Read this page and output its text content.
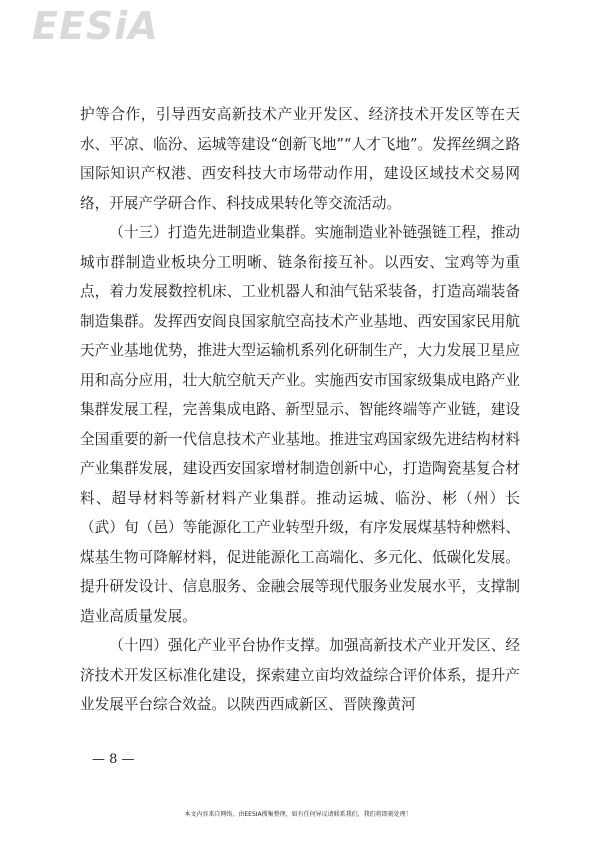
EESiA

护等合作，引导西安高新技术产业开发区、经济技术开发区等在天水、平凉、临汾、运城等建设“创新飞地”“人才飞地”。发挥丝绸之路国际知识产权港、西安科技大市场带动作用，建设区域技术交易网络，开展产学研合作、科技成果转化等交流活动。

（十三）打造先进制造业集群。实施制造业补链强链工程，推动城市群制造业板块分工明晰、链条衔接互补。以西安、宝鸡等为重点，着力发展数控机床、工业机器人和油气钻采装备，打造高端装备制造集群。发挥西安阎良国家航空高技术产业基地、西安国家民用航天产业基地优势，推进大型运输机系列化研制生产，大力发展卫星应用和高分应用，壮大航空航天产业。实施西安市国家级集成电路产业集群发展工程，完善集成电路、新型显示、智能终端等产业链，建设全国重要的新一代信息技术产业基地。推进宝鸡国家级先进结构材料产业集群发展，建设西安国家增材制造创新中心，打造陶瓷基复合材料、超导材料等新材料产业集群。推动运城、临汾、彬（州）长（武）旬（邑）等能源化工产业转型升级，有序发展煤基特种燃料、煤基生物可降解材料，促进能源化工高端化、多元化、低碳化发展。提升研发设计、信息服务、金融会展等现代服务业发展水平，支撑制造业高质量发展。

（十四）强化产业平台协作支撑。加强高新技术产业开发区、经济技术开发区标准化建设，探索建立亩均效益综合评价体系，提升产业发展平台综合效益。以陕西西咸新区、晋陕豫黄河

— 8 —
本文内容来自网络，由EESIA搜集整理，如有任何异议请联系我们，我们将即刻处理！
